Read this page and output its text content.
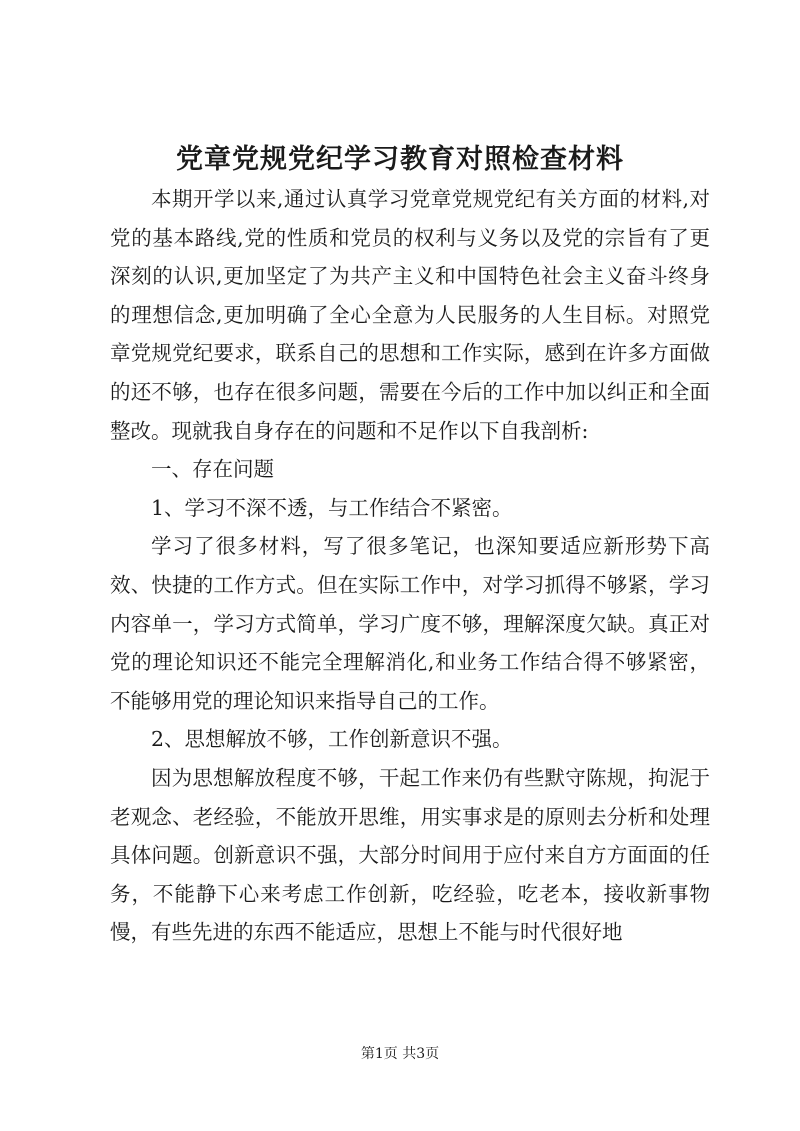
党章党规党纪学习教育对照检查材料

本期开学以来,通过认真学习党章党规党纪有关方面的材料,对党的基本路线,党的性质和党员的权利与义务以及党的宗旨有了更深刻的认识,更加坚定了为共产主义和中国特色社会主义奋斗终身的理想信念,更加明确了全心全意为人民服务的人生目标。对照党章党规党纪要求，联系自己的思想和工作实际，感到在许多方面做的还不够，也存在很多问题，需要在今后的工作中加以纠正和全面整改。现就我自身存在的问题和不足作以下自我剖析:

一、存在问题

1、学习不深不透，与工作结合不紧密。

学习了很多材料，写了很多笔记，也深知要适应新形势下高效、快捷的工作方式。但在实际工作中，对学习抓得不够紧，学习内容单一，学习方式简单，学习广度不够，理解深度欠缺。真正对党的理论知识还不能完全理解消化,和业务工作结合得不够紧密，不能够用党的理论知识来指导自己的工作。

2、思想解放不够，工作创新意识不强。

因为思想解放程度不够，干起工作来仍有些默守陈规，拘泥于老观念、老经验，不能放开思维，用实事求是的原则去分析和处理具体问题。创新意识不强，大部分时间用于应付来自方方面面的任务，不能静下心来考虑工作创新，吃经验，吃老本，接收新事物慢，有些先进的东西不能适应，思想上不能与时代很好地

第1页 共3页
